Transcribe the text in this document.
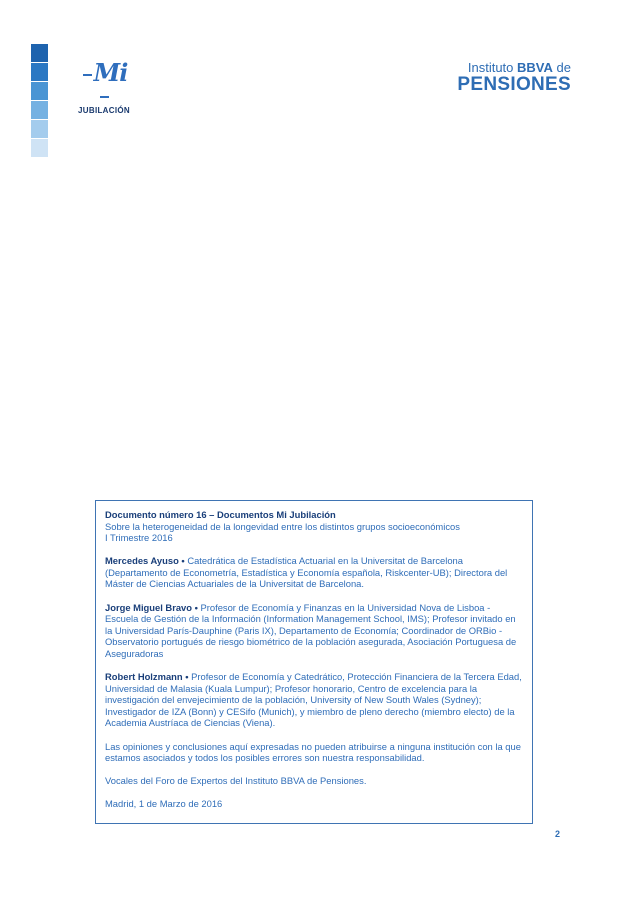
Mi
JUBILACIÓN
Instituto BBVA de
PENSIONES

Documento número 16 – Documentos Mi Jubilación

Sobre la heterogeneidad de la longevidad entre los distintos grupos socioeconómicos

I Trimestre 2016

Mercedes Ayuso • Catedrática de Estadística Actuarial en la Universitat de Barcelona (Departamento de Econometría, Estadística y Economía española, Riskcenter-UB); Directora del Máster de Ciencias Actuariales de la Universitat de Barcelona.

Jorge Miguel Bravo • Profesor de Economía y Finanzas en la Universidad Nova de Lisboa - Escuela de Gestión de la Información (Information Management School, IMS); Profesor invitado en la Universidad París-Dauphine (Paris IX), Departamento de Economía; Coordinador de ORBio - Observatorio portugués de riesgo biométrico de la población asegurada, Asociación Portuguesa de Aseguradoras

Robert Holzmann • Profesor de Economía y Catedrático, Protección Financiera de la Tercera Edad, Universidad de Malasia (Kuala Lumpur); Profesor honorario, Centro de excelencia para la investigación del envejecimiento de la población, University of New South Wales (Sydney); Investigador de IZA (Bonn) y CESifo (Munich), y miembro de pleno derecho (miembro electo) de la Academia Austríaca de Ciencias (Viena).

Las opiniones y conclusiones aquí expresadas no pueden atribuirse a ninguna institución con la que estamos asociados y todos los posibles errores son nuestra responsabilidad.

Vocales del Foro de Expertos del Instituto BBVA de Pensiones.

Madrid, 1 de Marzo de 2016

2
